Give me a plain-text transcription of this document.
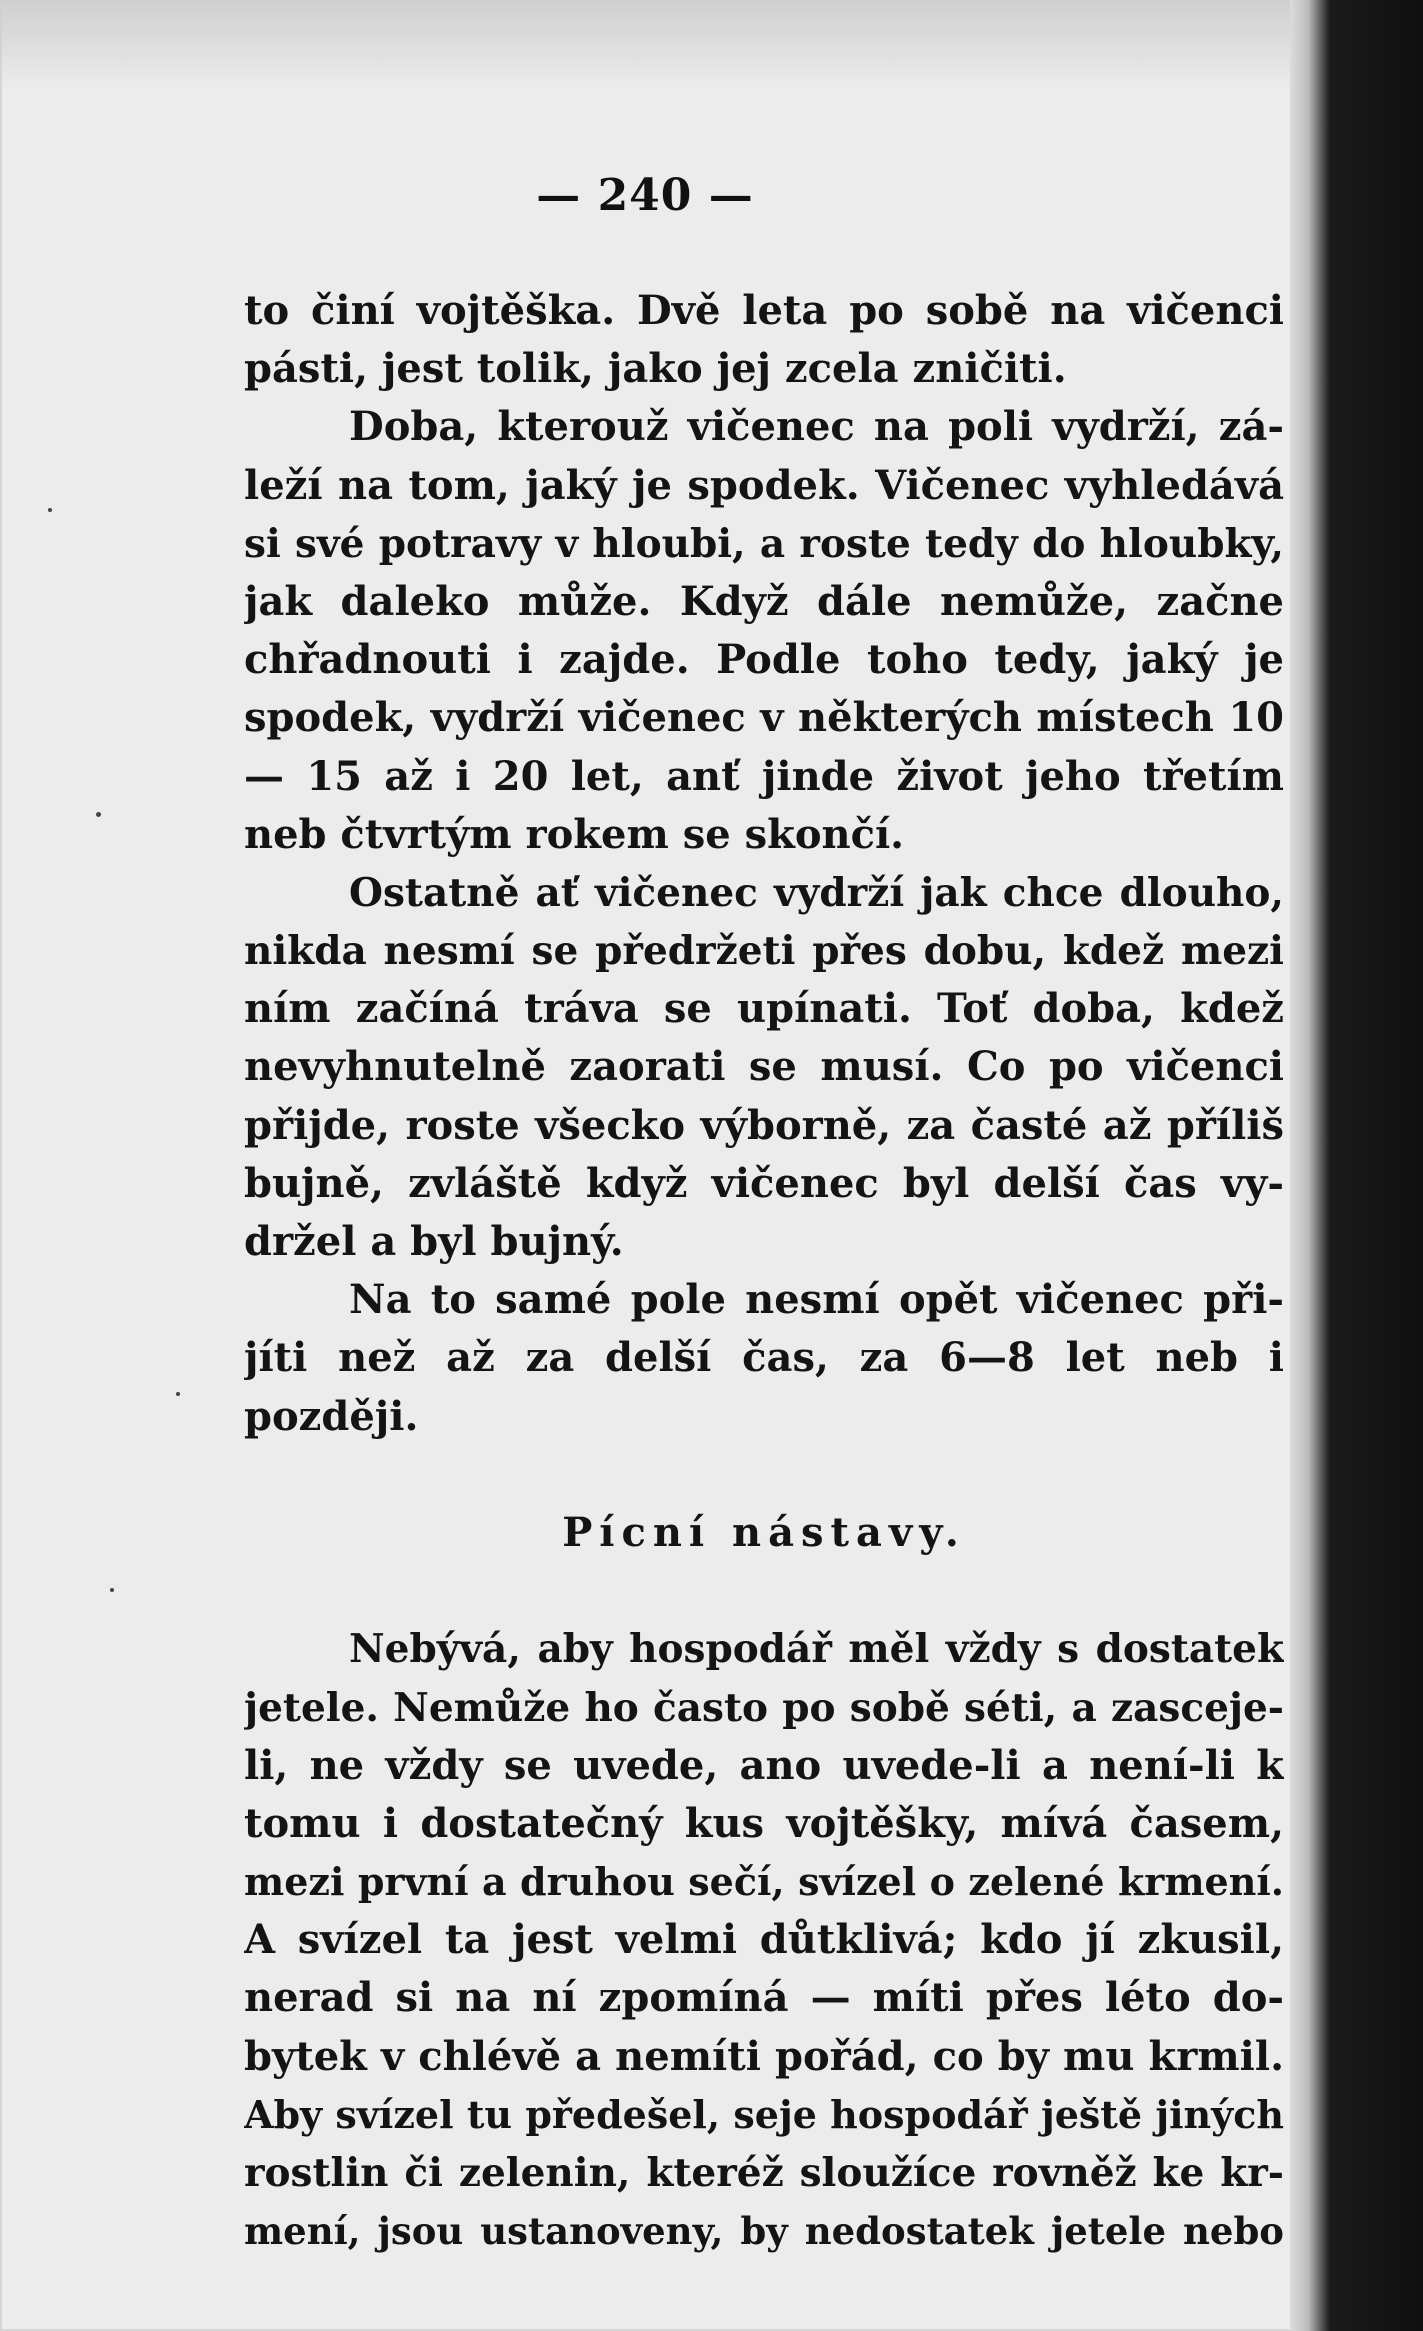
— 240 —
to činí vojtěška. Dvě leta po sobě na vičenci
pásti, jest tolik, jako jej zcela zničiti.
Doba, kterouž vičenec na poli vydrží, zá-
leží na tom, jaký je spodek. Vičenec vyhledává
si své potravy v hloubi, a roste tedy do hloubky,
jak daleko může. Když dále nemůže, začne
chřadnouti i zajde. Podle toho tedy, jaký je
spodek, vydrží vičenec v některých místech 10
— 15 až i 20 let, anť jinde život jeho třetím
neb čtvrtým rokem se skončí.
Ostatně ať vičenec vydrží jak chce dlouho,
nikda nesmí se předržeti přes dobu, kdež mezi
ním začíná tráva se upínati. Toť doba, kdež
nevyhnutelně zaorati se musí. Co po vičenci
přijde, roste všecko výborně, za časté až příliš
bujně, zvláště když vičenec byl delší čas vy-
držel a byl bujný.
Na to samé pole nesmí opět vičenec při-
jíti než až za delší čas, za 6—8 let neb i
později.
Pícní nástavy.
Nebývá, aby hospodář měl vždy s dostatek
jetele. Nemůže ho často po sobě séti, a zasceje-
li, ne vždy se uvede, ano uvede-li a není-li k
tomu i dostatečný kus vojtěšky, mívá časem,
mezi první a druhou sečí, svízel o zelené krmení.
A svízel ta jest velmi důtklivá; kdo jí zkusil,
nerad si na ní zpomíná — míti přes léto do-
bytek v chlévě a nemíti pořád, co by mu krmil.
Aby svízel tu předešel, seje hospodář ještě jiných
rostlin či zelenin, kteréž sloužíce rovněž ke kr-
mení, jsou ustanoveny, by nedostatek jetele nebo
